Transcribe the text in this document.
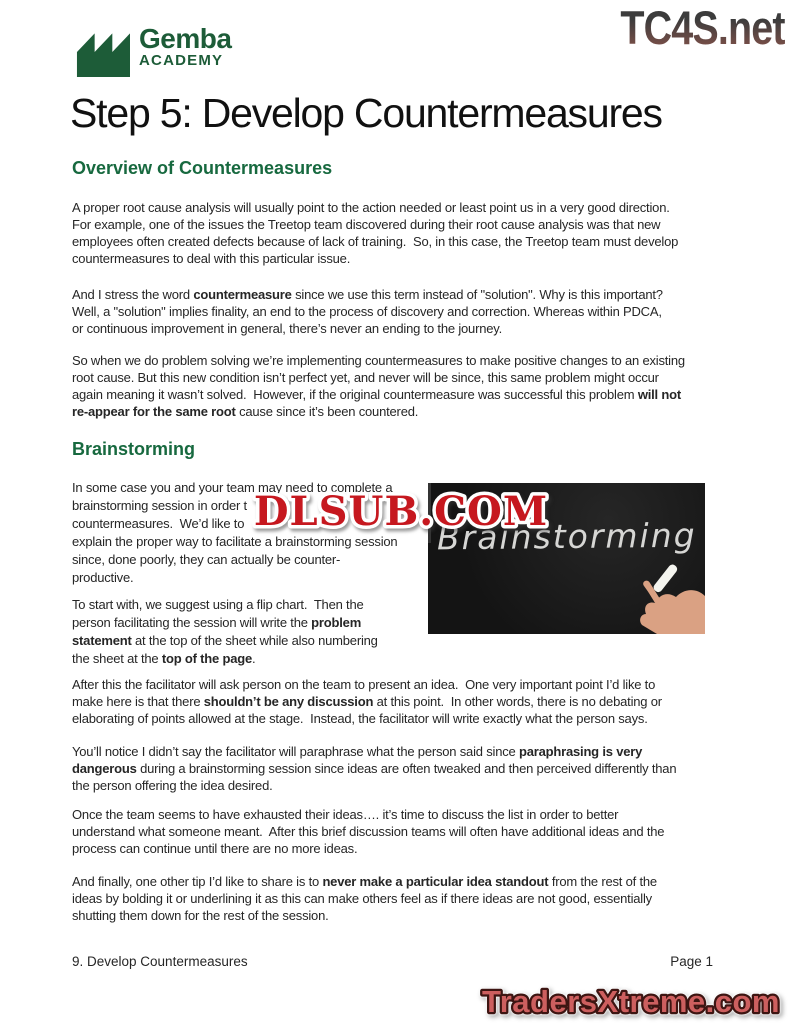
Gemba
ACADEMY
TC4S.net
Step 5: Develop Countermeasures
Overview of Countermeasures
A proper root cause analysis will usually point to the action needed or least point us in a very good direction.
For example, one of the issues the Treetop team discovered during their root cause analysis was that new
employees often created defects because of lack of training.  So, in this case, the Treetop team must develop
countermeasures to deal with this particular issue.
And I stress the word countermeasure since we use this term instead of "solution". Why is this important?
Well, a "solution" implies finality, an end to the process of discovery and correction. Whereas within PDCA,
or continuous improvement in general, there’s never an ending to the journey.
So when we do problem solving we’re implementing countermeasures to make positive changes to an existing
root cause. But this new condition isn’t perfect yet, and never will be since, this same problem might occur
again meaning it wasn’t solved.  However, if the original countermeasure was successful this problem will not
re-appear for the same root cause since it’s been countered.
Brainstorming
In some case you and your team may need to complete a
brainstorming session in order t
countermeasures.  We’d like to
explain the proper way to facilitate a brainstorming session
since, done poorly, they can actually be counter-
productive.
To start with, we suggest using a flip chart.  Then the
person facilitating the session will write the problem
statement at the top of the sheet while also numbering
the sheet at the top of the page.
Brainstorming
DLSUB.COM
After this the facilitator will ask person on the team to present an idea.  One very important point I’d like to
make here is that there shouldn’t be any discussion at this point.  In other words, there is no debating or
elaborating of points allowed at the stage.  Instead, the facilitator will write exactly what the person says.
You’ll notice I didn’t say the facilitator will paraphrase what the person said since paraphrasing is very
dangerous during a brainstorming session since ideas are often tweaked and then perceived differently than
the person offering the idea desired.
Once the team seems to have exhausted their ideas…. it’s time to discuss the list in order to better
understand what someone meant.  After this brief discussion teams will often have additional ideas and the
process can continue until there are no more ideas.
And finally, one other tip I’d like to share is to never make a particular idea standout from the rest of the
ideas by bolding it or underlining it as this can make others feel as if there ideas are not good, essentially
shutting them down for the rest of the session.
9. Develop Countermeasures	Page 1
TradersXtreme.com
